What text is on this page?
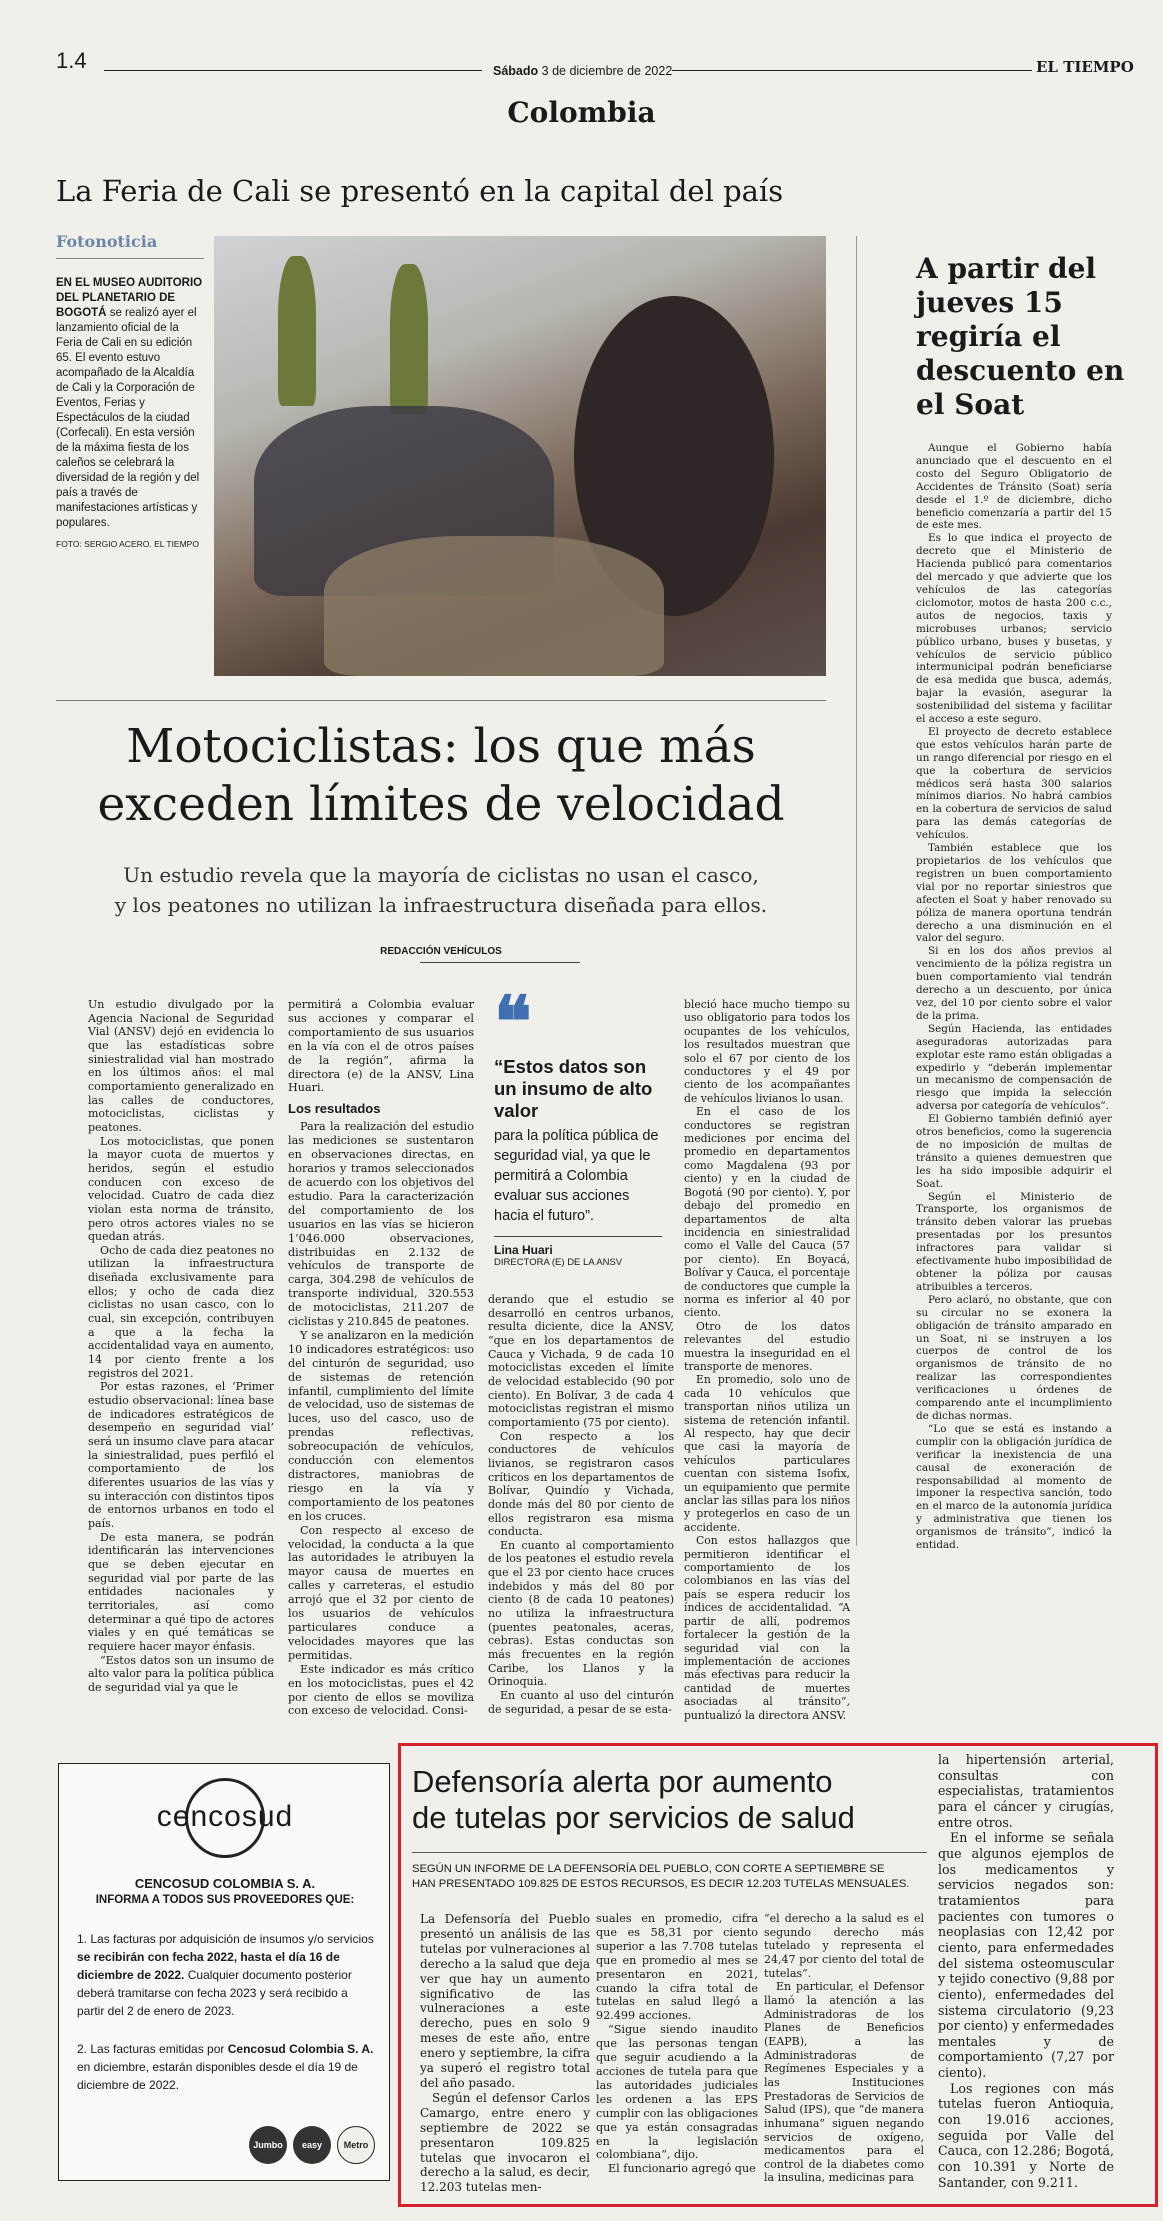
1.4	Sábado 3 de diciembre de 2022	EL TIEMPO
Colombia
La Feria de Cali se presentó en la capital del país
Fotonoticia
EN EL MUSEO AUDITORIO DEL PLANETARIO DE BOGOTÁ se realizó ayer el lanzamiento oficial de la Feria de Cali en su edición 65. El evento estuvo acompañado de la Alcaldía de Cali y la Corporación de Eventos, Ferias y Espectáculos de la ciudad (Corfecali). En esta versión de la máxima fiesta de los caleños se celebrará la diversidad de la región y del país a través de manifestaciones artísticas y populares.
FOTO: SERGIO ACERO. EL TIEMPO
A partir del jueves 15 regiría el descuento en el Soat

Aunque el Gobierno había anunciado que el descuento en el costo del Seguro Obligatorio de Accidentes de Tránsito (Soat) sería desde el 1.º de diciembre, dicho beneficio comenzaría a partir del 15 de este mes.

Es lo que indica el proyecto de decreto que el Ministerio de Hacienda publicó para comentarios del mercado y que advierte que los vehículos de las categorías ciclomotor, motos de hasta 200 c.c., autos de negocios, taxis y microbuses urbanos; servicio público urbano, buses y busetas, y vehículos de servicio público intermunicipal podrán beneficiarse de esa medida que busca, además, bajar la evasión, asegurar la sostenibilidad del sistema y facilitar el acceso a este seguro.

El proyecto de decreto establece que estos vehículos harán parte de un rango diferencial por riesgo en el que la cobertura de servicios médicos será hasta 300 salarios mínimos diarios. No habrá cambios en la cobertura de servicios de salud para las demás categorías de vehículos.

También establece que los propietarios de los vehículos que registren un buen comportamiento vial por no reportar siniestros que afecten el Soat y haber renovado su póliza de manera oportuna tendrán derecho a una disminución en el valor del seguro.

Si en los dos años previos al vencimiento de la póliza registra un buen comportamiento vial tendrán derecho a un descuento, por única vez, del 10 por ciento sobre el valor de la prima.

Según Hacienda, las entidades aseguradoras autorizadas para explotar este ramo están obligadas a expedirlo y “deberán implementar un mecanismo de compensación de riesgo que impida la selección adversa por categoría de vehículos”.

El Gobierno también definió ayer otros beneficios, como la sugerencia de no imposición de multas de tránsito a quienes demuestren que les ha sido imposible adquirir el Soat.

Según el Ministerio de Transporte, los organismos de tránsito deben valorar las pruebas presentadas por los presuntos infractores para validar si efectivamente hubo imposibilidad de obtener la póliza por causas atribuibles a terceros.

Pero aclaró, no obstante, que con su circular no se exonera la obligación de tránsito amparado en un Soat, ni se instruyen a los cuerpos de control de los organismos de tránsito de no realizar las correspondientes verificaciones u órdenes de comparendo ante el incumplimiento de dichas normas.

“Lo que se está es instando a cumplir con la obligación jurídica de verificar la inexistencia de una causal de exoneración de responsabilidad al momento de imponer la respectiva sanción, todo en el marco de la autonomía jurídica y administrativa que tienen los organismos de tránsito”, indicó la entidad.

Motociclistas: los que más
exceden límites de velocidad
Un estudio revela que la mayoría de ciclistas no usan el casco,
y los peatones no utilizan la infraestructura diseñada para ellos.
REDACCIÓN VEHÍCULOS

Un estudio divulgado por la Agencia Nacional de Seguridad Vial (ANSV) dejó en evidencia lo que las estadísticas sobre siniestralidad vial han mostrado en los últimos años: el mal comportamiento generalizado en las calles de conductores, motociclistas, ciclistas y peatones.

Los motociclistas, que ponen la mayor cuota de muertos y heridos, según el estudio conducen con exceso de velocidad. Cuatro de cada diez violan esta norma de tránsito, pero otros actores viales no se quedan atrás.

Ocho de cada diez peatones no utilizan la infraestructura diseñada exclusivamente para ellos; y ocho de cada diez ciclistas no usan casco, con lo cual, sin excepción, contribuyen a que a la fecha la accidentalidad vaya en aumento, 14 por ciento frente a los registros del 2021.

Por estas razones, el ‘Primer estudio observacional: línea base de indicadores estratégicos de desempeño en seguridad vial’ será un insumo clave para atacar la siniestralidad, pues perfiló el comportamiento de los diferentes usuarios de las vías y su interacción con distintos tipos de entornos urbanos en todo el país.

De esta manera, se podrán identificarán las intervenciones que se deben ejecutar en seguridad vial por parte de las entidades nacionales y territoriales, así como determinar a qué tipo de actores viales y en qué temáticas se requiere hacer mayor énfasis.

“Estos datos son un insumo de alto valor para la política pública de seguridad vial ya que le

permitirá a Colombia evaluar sus acciones y comparar el comportamiento de sus usuarios en la vía con el de otros países de la región”, afirma la directora (e) de la ANSV, Lina Huari.

Los resultados

Para la realización del estudio las mediciones se sustentaron en observaciones directas, en horarios y tramos seleccionados de acuerdo con los objetivos del estudio. Para la caracterización del comportamiento de los usuarios en las vías se hicieron 1’046.000 observaciones, distribuidas en 2.132 de vehículos de transporte de carga, 304.298 de vehículos de transporte individual, 320.553 de motociclistas, 211.207 de ciclistas y 210.845 de peatones.

Y se analizaron en la medición 10 indicadores estratégicos: uso del cinturón de seguridad, uso de sistemas de retención infantil, cumplimiento del límite de velocidad, uso de sistemas de luces, uso del casco, uso de prendas reflectivas, sobreocupación de vehículos, conducción con elementos distractores, maniobras de riesgo en la vía y comportamiento de los peatones en los cruces.

Con respecto al exceso de velocidad, la conducta a la que las autoridades le atribuyen la mayor causa de muertes en calles y carreteras, el estudio arrojó que el 32 por ciento de los usuarios de vehículos particulares conduce a velocidades mayores que las permitidas.

Este indicador es más crítico en los motociclistas, pues el 42 por ciento de ellos se moviliza con exceso de velocidad. Consi-

❝
“Estos datos son un insumo de alto valor
para la política pública de seguridad vial, ya que le permitirá a Colombia evaluar sus acciones hacia el futuro”.
Lina Huari
DIRECTORA (E) DE LA ANSV

derando que el estudio se desarrolló en centros urbanos, resulta diciente, dice la ANSV, “que en los departamentos de Cauca y Vichada, 9 de cada 10 motociclistas exceden el límite de velocidad establecido (90 por ciento). En Bolívar, 3 de cada 4 motociclistas registran el mismo comportamiento (75 por ciento).

Con respecto a los conductores de vehículos livianos, se registraron casos críticos en los departamentos de Bolívar, Quindío y Vichada, donde más del 80 por ciento de ellos registraron esa misma conducta.

En cuanto al comportamiento de los peatones el estudio revela que el 23 por ciento hace cruces indebidos y más del 80 por ciento (8 de cada 10 peatones) no utiliza la infraestructura (puentes peatonales, aceras, cebras). Estas conductas son más frecuentes en la región Caribe, los Llanos y la Orinoquia.

En cuanto al uso del cinturón de seguridad, a pesar de se esta-

bleció hace mucho tiempo su uso obligatorio para todos los ocupantes de los vehículos, los resultados muestran que solo el 67 por ciento de los conductores y el 49 por ciento de los acompañantes de vehículos livianos lo usan.

En el caso de los conductores se registran mediciones por encima del promedio en departamentos como Magdalena (93 por ciento) y en la ciudad de Bogotá (90 por ciento). Y, por debajo del promedio en departamentos de alta incidencia en siniestralidad como el Valle del Cauca (57 por ciento). En Boyacá, Bolívar y Cauca, el porcentaje de conductores que cumple la norma es inferior al 40 por ciento.

Otro de los datos relevantes del estudio muestra la inseguridad en el transporte de menores.

En promedio, solo uno de cada 10 vehículos que transportan niños utiliza un sistema de retención infantil. Al respecto, hay que decir que casi la mayoría de vehículos particulares cuentan con sistema Isofix, un equipamiento que permite anclar las sillas para los niños y protegerlos en caso de un accidente.

Con estos hallazgos que permitieron identificar el comportamiento de los colombianos en las vías del país se espera reducir los índices de accidentalidad. “A partir de allí, podremos fortalecer la gestión de la seguridad vial con la implementación de acciones más efectivas para reducir la cantidad de muertes asociadas al tránsito”, puntualizó la directora ANSV.

cencosud
CENCOSUD COLOMBIA S. A.
INFORMA A TODOS SUS PROVEEDORES QUE:
1. Las facturas por adquisición de insumos y/o servicios se recibirán con fecha 2022, hasta el día 16 de diciembre de 2022. Cualquier documento posterior deberá tramitarse con fecha 2023 y será recibido a partir del 2 de enero de 2023.
2. Las facturas emitidas por Cencosud Colombia S. A. en diciembre, estarán disponibles desde el día 19 de diciembre de 2022.
Jumbo	easy	Metro
Defensoría alerta por aumento
de tutelas por servicios de salud
SEGÚN UN INFORME DE LA DEFENSORÍA DEL PUEBLO, CON CORTE A SEPTIEMBRE SE
HAN PRESENTADO 109.825 DE ESTOS RECURSOS, ES DECIR 12.203 TUTELAS MENSUALES.

La Defensoría del Pueblo presentó un análisis de las tutelas por vulneraciones al derecho a la salud que deja ver que hay un aumento significativo de las vulneraciones a este derecho, pues en solo 9 meses de este año, entre enero y septiembre, la cifra ya superó el registro total del año pasado.

Según el defensor Carlos Camargo, entre enero y septiembre de 2022 se presentaron 109.825 tutelas que invocaron el derecho a la salud, es decir, 12.203 tutelas men-

suales en promedio, cifra que es 58,31 por ciento superior a las 7.708 tutelas que en promedio al mes se presentaron en 2021, cuando la cifra total de tutelas en salud llegó a 92.499 acciones.

“Sigue siendo inaudito que las personas tengan que seguir acudiendo a la acciones de tutela para que las autoridades judiciales les ordenen a las EPS cumplir con las obligaciones que ya están consagradas en la legislación colombiana”, dijo.

El funcionario agregó que

“el derecho a la salud es el segundo derecho más tutelado y representa el 24,47 por ciento del total de tutelas”.

En particular, el Defensor llamó la atención a las Administradoras de los Planes de Beneficios (EAPB), a las Administradoras de Regímenes Especiales y a las Instituciones Prestadoras de Servicios de Salud (IPS), que “de manera inhumana” siguen negando servicios de oxígeno, medicamentos para el control de la diabetes como la insulina, medicinas para

la hipertensión arterial, consultas con especialistas, tratamientos para el cáncer y cirugías, entre otros.

En el informe se señala que algunos ejemplos de los medicamentos y servicios negados son: tratamientos para pacientes con tumores o neoplasias con 12,42 por ciento, para enfermedades del sistema osteomuscular y tejido conectivo (9,88 por ciento), enfermedades del sistema circulatorio (9,23 por ciento) y enfermedades mentales y de comportamiento (7,27 por ciento).

Los regiones con más tutelas fueron Antioquia, con 19.016 acciones, seguida por Valle del Cauca, con 12.286; Bogotá, con 10.391 y Norte de Santander, con 9.211.
